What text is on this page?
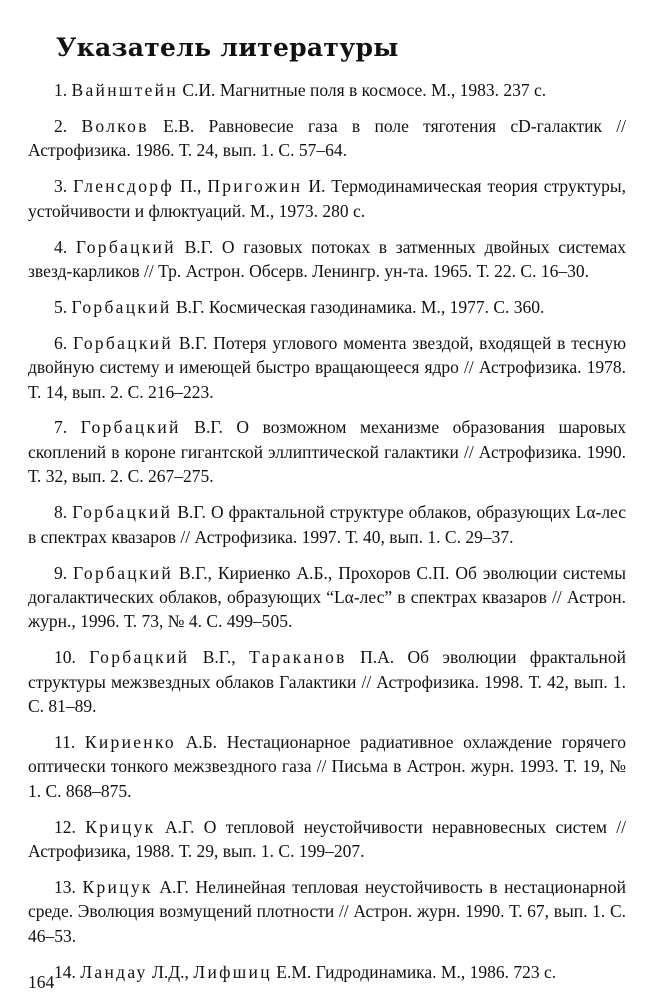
Указатель литературы
1. Вайнштейн С.И. Магнитные поля в космосе. М., 1983. 237 с.
2. Волков Е.В. Равновесие газа в поле тяготения cD-галактик // Астрофизика. 1986. Т. 24, вып. 1. С. 57–64.
3. Гленсдорф П., Пригожин И. Термодинамическая теория структуры, устойчивости и флюктуаций. М., 1973. 280 с.
4. Горбацкий В.Г. О газовых потоках в затменных двойных системах звезд-карликов // Тр. Астрон. Обсерв. Ленингр. ун-та. 1965. Т. 22. С. 16–30.
5. Горбацкий В.Г. Космическая газодинамика. М., 1977. С. 360.
6. Горбацкий В.Г. Потеря углового момента звездой, входящей в тесную двойную систему и имеющей быстро вращающееся ядро // Астрофизика. 1978. Т. 14, вып. 2. С. 216–223.
7. Горбацкий В.Г. О возможном механизме образования шаровых скоплений в короне гигантской эллиптической галактики // Астрофизика. 1990. Т. 32, вып. 2. С. 267–275.
8. Горбацкий В.Г. О фрактальной структуре облаков, образующих Lα-лес в спектрах квазаров // Астрофизика. 1997. Т. 40, вып. 1. С. 29–37.
9. Горбацкий В.Г., Кириенко А.Б., Прохоров С.П. Об эволюции системы догалактических облаков, образующих “Lα-лес” в спектрах квазаров // Астрон. журн., 1996. Т. 73, № 4. С. 499–505.
10. Горбацкий В.Г., Тараканов П.А. Об эволюции фрактальной структуры межзвездных облаков Галактики // Астрофизика. 1998. Т. 42, вып. 1. С. 81–89.
11. Кириенко А.Б. Нестационарное радиативное охлаждение горячего оптически тонкого межзвездного газа // Письма в Астрон. журн. 1993. Т. 19, № 1. С. 868–875.
12. Крицук А.Г. О тепловой неустойчивости неравновесных систем // Астрофизика, 1988. Т. 29, вып. 1. С. 199–207.
13. Крицук А.Г. Нелинейная тепловая неустойчивость в нестационарной среде. Эволюция возмущений плотности // Астрон. журн. 1990. Т. 67, вып. 1. С. 46–53.
14. Ландау Л.Д., Лифшиц Е.М. Гидродинамика. М., 1986. 723 с.
164
